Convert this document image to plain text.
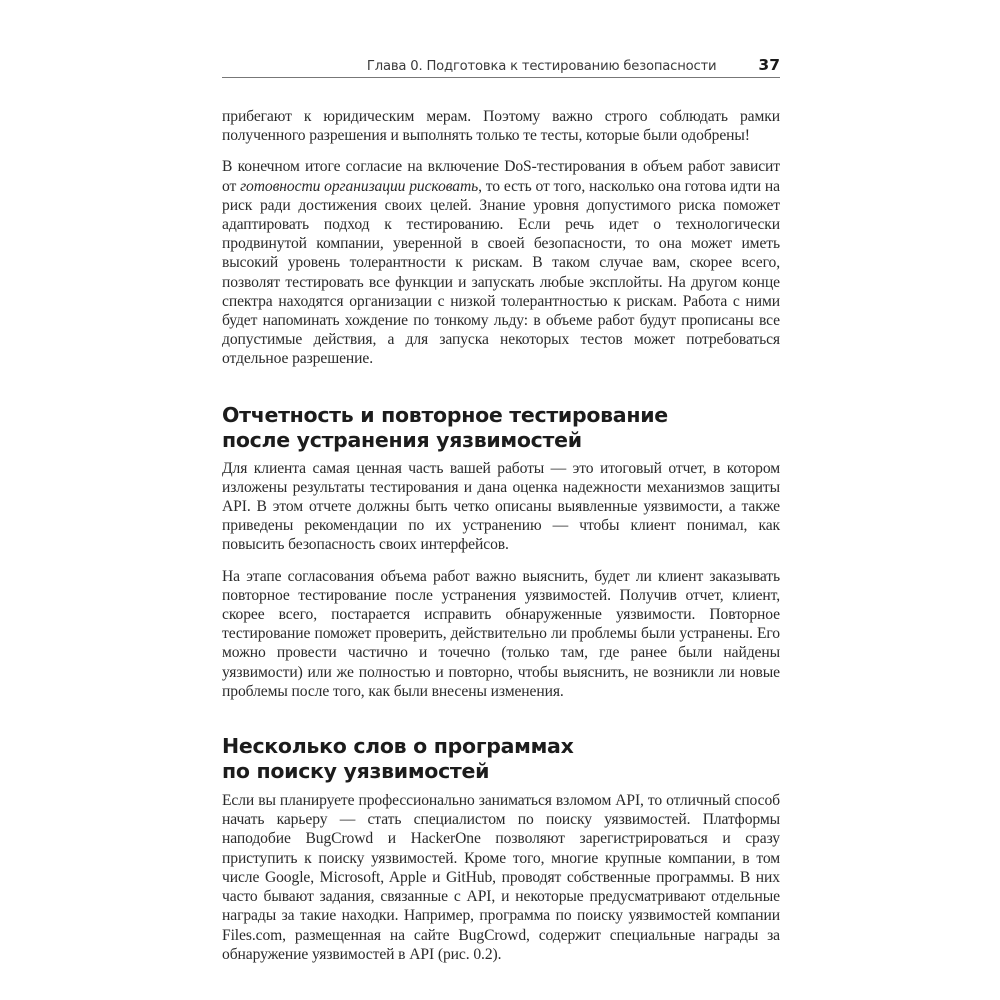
Глава 0. Подготовка к тестированию безопасности	37

прибегают к юридическим мерам. Поэтому важно строго соблюдать рамки полученного разрешения и выполнять только те тесты, которые были одобрены!

В конечном итоге согласие на включение DoS-тестирования в объем работ зависит от готовности организации рисковать, то есть от того, насколько она готова идти на риск ради достижения своих целей. Знание уровня допустимого риска поможет адаптировать подход к тестированию. Если речь идет о технологически продвинутой компании, уверенной в своей безопасности, то она может иметь высокий уровень толерантности к рискам. В таком случае вам, скорее всего, позволят тестировать все функции и запускать любые эксплойты. На другом конце спектра находятся организации с низкой толерантностью к рискам. Работа с ними будет напоминать хождение по тонкому льду: в объеме работ будут прописаны все допустимые действия, а для запуска некоторых тестов может потребоваться отдельное разрешение.

Отчетность и повторное тестирование
после устранения уязвимостей

Для клиента самая ценная часть вашей работы — это итоговый отчет, в котором изложены результаты тестирования и дана оценка надежности механизмов защиты API. В этом отчете должны быть четко описаны выявленные уязвимости, а также приведены рекомендации по их устранению — чтобы клиент понимал, как повысить безопасность своих интерфейсов.

На этапе согласования объема работ важно выяснить, будет ли клиент заказывать повторное тестирование после устранения уязвимостей. Получив отчет, клиент, скорее всего, постарается исправить обнаруженные уязвимости. Повторное тестирование поможет проверить, действительно ли проблемы были устранены. Его можно провести частично и точечно (только там, где ранее были найдены уязвимости) или же полностью и повторно, чтобы выяснить, не возникли ли новые проблемы после того, как были внесены изменения.

Несколько слов о программах
по поиску уязвимостей

Если вы планируете профессионально заниматься взломом API, то отличный способ начать карьеру — стать специалистом по поиску уязвимостей. Платформы наподобие BugCrowd и HackerOne позволяют зарегистрироваться и сразу приступить к поиску уязвимостей. Кроме того, многие крупные компании, в том числе Google, Microsoft, Apple и GitHub, проводят собственные программы. В них часто бывают задания, связанные с API, и некоторые предусматривают отдельные награды за такие находки. Например, программа по поиску уязвимостей компании Files.com, размещенная на сайте BugCrowd, содержит специальные награды за обнаружение уязвимостей в API (рис. 0.2).
